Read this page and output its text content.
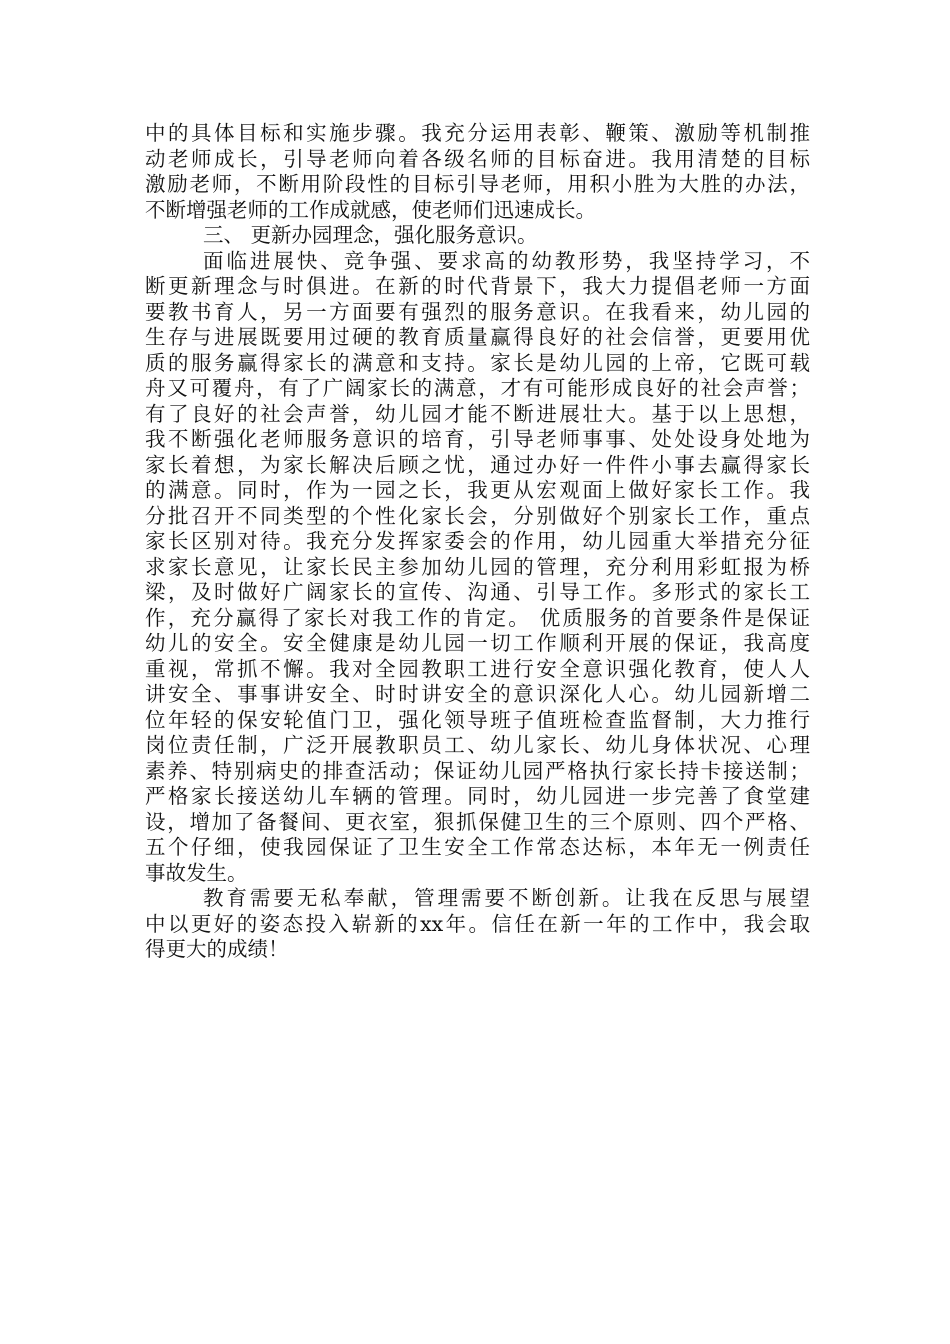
中的具体目标和实施步骤。我充分运用表彰、鞭策、激励等机制推
动老师成长，引导老师向着各级名师的目标奋进。我用清楚的目标
激励老师，不断用阶段性的目标引导老师，用积小胜为大胜的办法，
不断增强老师的工作成就感，使老师们迅速成长。

三、 更新办园理念，强化服务意识。

面临进展快、竞争强、要求高的幼教形势，我坚持学习，不
断更新理念与时俱进。在新的时代背景下，我大力提倡老师一方面
要教书育人，另一方面要有强烈的服务意识。在我看来，幼儿园的
生存与进展既要用过硬的教育质量赢得良好的社会信誉，更要用优
质的服务赢得家长的满意和支持。家长是幼儿园的上帝，它既可载
舟又可覆舟，有了广阔家长的满意，才有可能形成良好的社会声誉；
有了良好的社会声誉，幼儿园才能不断进展壮大。基于以上思想，
我不断强化老师服务意识的培育，引导老师事事、处处设身处地为
家长着想，为家长解决后顾之忧，通过办好一件件小事去赢得家长
的满意。同时，作为一园之长，我更从宏观面上做好家长工作。我
分批召开不同类型的个性化家长会，分别做好个别家长工作，重点
家长区别对待。我充分发挥家委会的作用，幼儿园重大举措充分征
求家长意见，让家长民主参加幼儿园的管理，充分利用彩虹报为桥
梁，及时做好广阔家长的宣传、沟通、引导工作。多形式的家长工
作，充分赢得了家长对我工作的肯定。 优质服务的首要条件是保证
幼儿的安全。安全健康是幼儿园一切工作顺利开展的保证，我高度
重视，常抓不懈。我对全园教职工进行安全意识强化教育，使人人
讲安全、事事讲安全、时时讲安全的意识深化人心。幼儿园新增二
位年轻的保安轮值门卫，强化领导班子值班检查监督制，大力推行
岗位责任制，广泛开展教职员工、幼儿家长、幼儿身体状况、心理
素养、特别病史的排查活动；保证幼儿园严格执行家长持卡接送制；
严格家长接送幼儿车辆的管理。同时，幼儿园进一步完善了食堂建
设，增加了备餐间、更衣室，狠抓保健卫生的三个原则、四个严格、
五个仔细，使我园保证了卫生安全工作常态达标，本年无一例责任
事故发生。

教育需要无私奉献，管理需要不断创新。让我在反思与展望
中以更好的姿态投入崭新的xx年。信任在新一年的工作中，我会取
得更大的成绩！
